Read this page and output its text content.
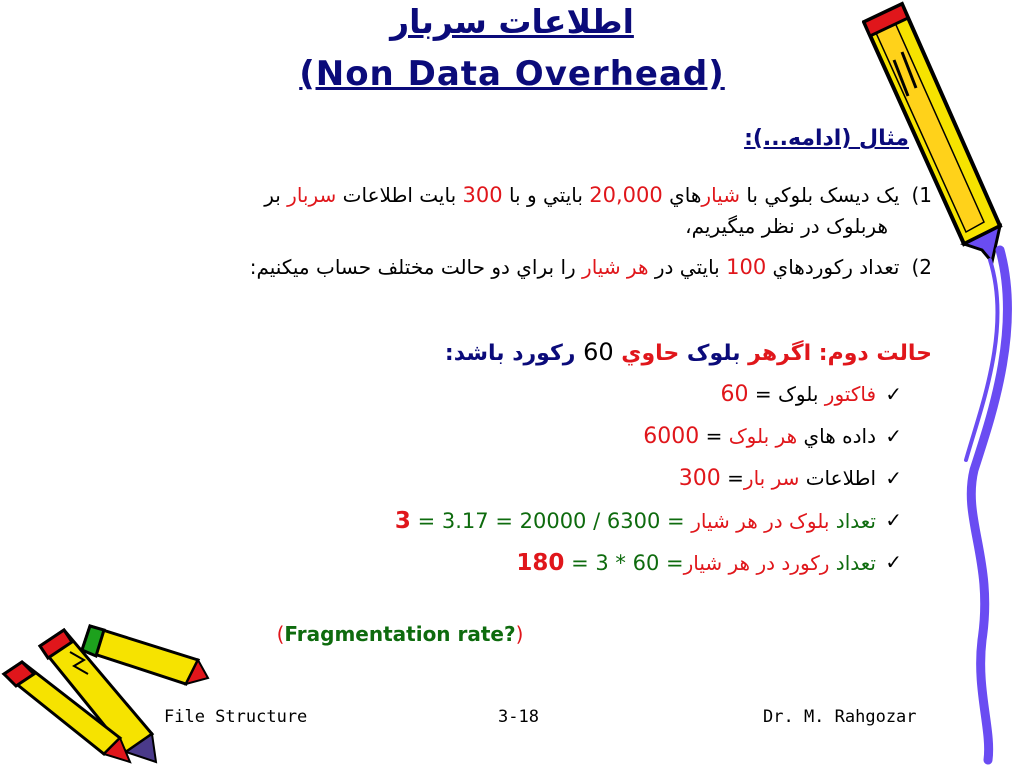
اطلاعات سربار
(Non Data Overhead)
مثال (ادامه...):
1)یک دیسک بلوکي با شيارهاي 20,000 بايتي و با 300 بايت اطلاعات سربار بر
هربلوک در نظر ميگيريم،
2)تعداد رکوردهاي 100 بايتي در هر شيار را براي دو حالت مختلف حساب ميکنيم:
حالت دوم: اگرهر بلوک حاوي 60 رکورد باشد:
✓
فاکتور بلوک = 60
✓
داده هاي هر بلوک = 6000
✓
اطلاعات سر بار= 300
✓
تعداد بلوک در هر شيار = 6300 / 20000 = 3.17 = 3
✓
تعداد رکورد در هر شيار= 60 * 3 = 180
(Fragmentation rate?)
File Structure	3-18	Dr. M. Rahgozar
